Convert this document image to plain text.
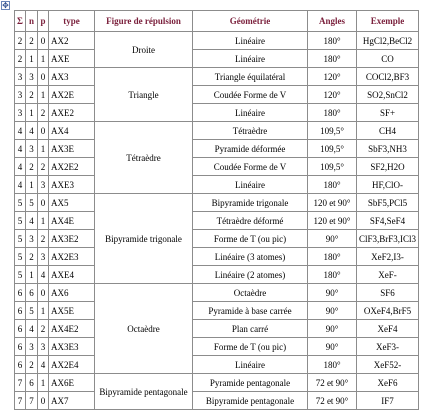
✥
Σ	n	p	type	Figure de répulsion	Géométrie	Angles	Exemple
2	2	0	AX2	Droite	Linéaire	180°	HgCl2,BeCl2
2	1	1	AXE		Linéaire	180°	CO
3	3	0	AX3	Triangle	Triangle équilatéral	120°	COCl2,BF3
3	2	1	AX2E		Coudée Forme de V	120°	SO2,SnCl2
3	1	2	AXE2		Linéaire	180°	SF+
4	4	0	AX4	Tétraèdre	Tétraèdre	109,5°	CH4
4	3	1	AX3E		Pyramide déformée	109,5°	SbF3,NH3
4	2	2	AX2E2		Coudée Forme de V	109,5°	SF2,H2O
4	1	3	AXE3		Linéaire	180°	HF,ClO-
5	5	0	AX5	Bipyramide trigonale	Bipyramide trigonale	120 et 90°	SbF5,PCl5
5	4	1	AX4E		Tétraèdre déformé	120 et 90°	SF4,SeF4
5	3	2	AX3E2		Forme de T (ou pic)	90°	ClF3,BrF3,ICl3
5	2	3	AX2E3		Linéaire (3 atomes)	180°	XeF2,I3-
5	1	4	AXE4		Linéaire (2 atomes)	180°	XeF-
6	6	0	AX6	Octaèdre	Octaèdre	90°	SF6
6	5	1	AX5E		Pyramide à base carrée	90°	OXeF4,BrF5
6	4	2	AX4E2		Plan carré	90°	XeF4
6	3	3	AX3E3		Forme de T (ou pic)	90°	XeF3-
6	2	4	AX2E4		Linéaire	180°	XeF52-
7	6	1	AX6E	Bipyramide pentagonale	Pyramide pentagonale	72 et 90°	XeF6
7	7	0	AX7		Bipyramide pentagonale	72 et 90°	IF7
